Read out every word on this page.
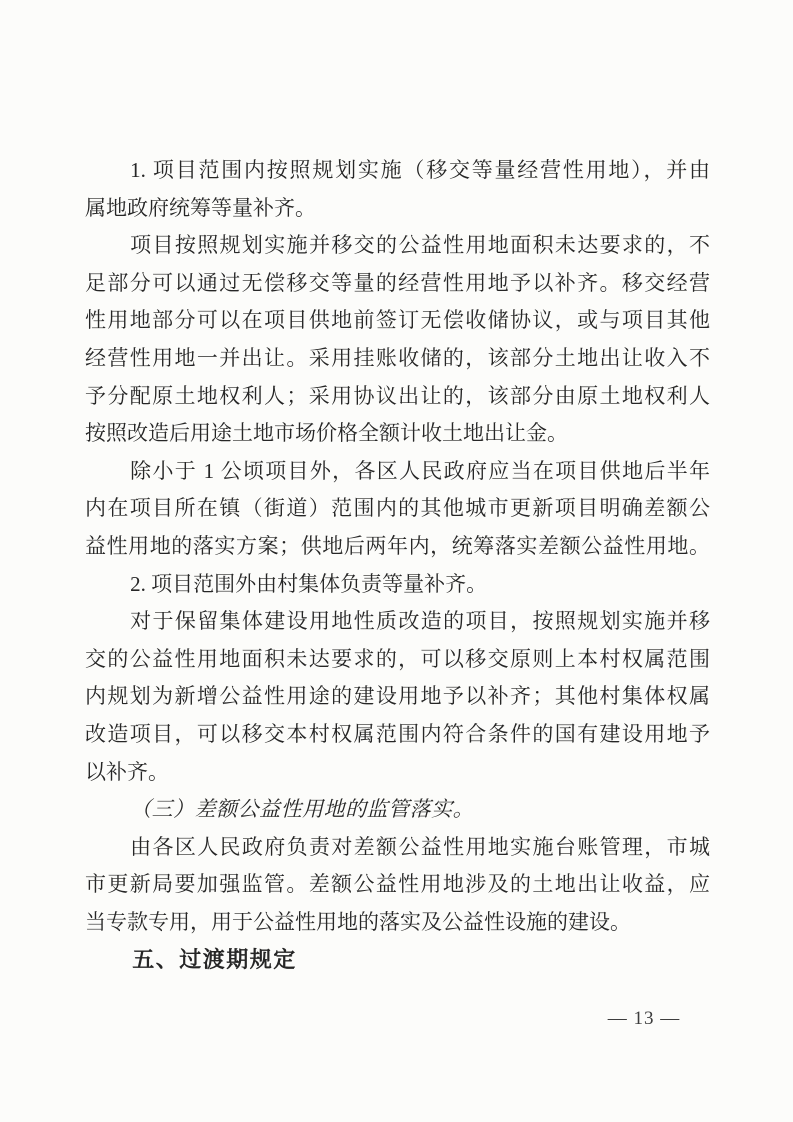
1. 项目范围内按照规划实施（移交等量经营性用地），并由
属地政府统筹等量补齐。
项目按照规划实施并移交的公益性用地面积未达要求的，不
足部分可以通过无偿移交等量的经营性用地予以补齐。移交经营
性用地部分可以在项目供地前签订无偿收储协议，或与项目其他
经营性用地一并出让。采用挂账收储的，该部分土地出让收入不
予分配原土地权利人；采用协议出让的，该部分由原土地权利人
按照改造后用途土地市场价格全额计收土地出让金。
除小于 1 公顷项目外，各区人民政府应当在项目供地后半年
内在项目所在镇（街道）范围内的其他城市更新项目明确差额公
益性用地的落实方案；供地后两年内，统筹落实差额公益性用地。
2. 项目范围外由村集体负责等量补齐。
对于保留集体建设用地性质改造的项目，按照规划实施并移
交的公益性用地面积未达要求的，可以移交原则上本村权属范围
内规划为新增公益性用途的建设用地予以补齐；其他村集体权属
改造项目，可以移交本村权属范围内符合条件的国有建设用地予
以补齐。
（三）差额公益性用地的监管落实。
由各区人民政府负责对差额公益性用地实施台账管理，市城
市更新局要加强监管。差额公益性用地涉及的土地出让收益，应
当专款专用，用于公益性用地的落实及公益性设施的建设。
五、过渡期规定
— 13 —
